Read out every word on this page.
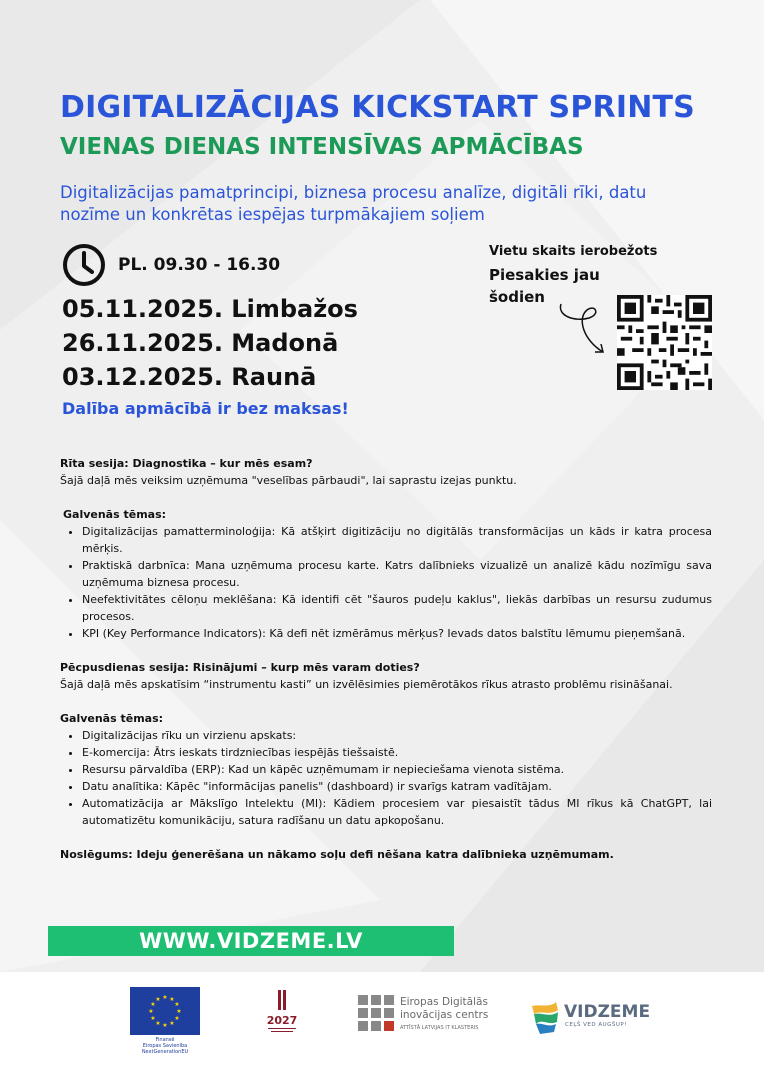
DIGITALIZĀCIJAS KICKSTART SPRINTS
VIENAS DIENAS INTENSĪVAS APMĀCĪBAS
Digitalizācijas pamatprincipi, biznesa procesu analīze, digitāli rīki, datu nozīme un konkrētas iespējas turpmākajiem soļiem
PL. 09.30 - 16.30
05.11.2025. Limbažos
26.11.2025. Madonā
03.12.2025. Raunā
Dalība apmācībā ir bez maksas!
Vietu skaits ierobežots
Piesakies jau šodien
Rīta sesija: Diagnostika – kur mēs esam?
Šajā daļā mēs veiksim uzņēmuma "veselības pārbaudi", lai saprastu izejas punktu.
Galvenās tēmas:
• Digitalizācijas pamatterminoloģija: Kā atšķirt digitizāciju no digitālās transformācijas un kāds ir katra procesa mērķis.
• Praktiskā darbnīca: Mana uzņēmuma procesu karte. Katrs dalībnieks vizualizē un analizē kādu nozīmīgu sava uzņēmuma biznesa procesu.
• Neefektivitātes cēloņu meklēšana: Kā identifi cēt "šauros pudeļu kaklus", liekās darbības un resursu zudumus procesos.
• KPI (Key Performance Indicators): Kā defi nēt izmērāmus mērķus? Ievads datos balstītu lēmumu pieņemšanā.
Pēcpusdienas sesija: Risinājumi – kurp mēs varam doties?
Šajā daļā mēs apskatīsim “instrumentu kasti” un izvēlēsimies piemērotākos rīkus atrasto problēmu risināšanai.
Galvenās tēmas:
• Digitalizācijas rīku un virzienu apskats:
• E-komercija: Ātrs ieskats tirdzniecības iespējās tiešsaistē.
• Resursu pārvaldība (ERP): Kad un kāpēc uzņēmumam ir nepieciešama vienota sistēma.
• Datu analītika: Kāpēc "informācijas panelis" (dashboard) ir svarīgs katram vadītājam.
• Automatizācija ar Mākslīgo Intelektu (MI): Kādiem procesiem var piesaistīt tādus MI rīkus kā ChatGPT, lai automatizētu komunikāciju, satura radīšanu un datu apkopošanu.
Noslēgums: Ideju ģenerēšana un nākamo soļu defi nēšana katra dalībnieka uzņēmumam.
WWW.VIDZEME.LV
★ ★
★
★
★
★
★
★
★
★
★
★
Finansē
Eiropas Savienība
NextGenerationEU
2027
Eiropas Digitālās
inovācijas centrs
ATTĪSTĀ LATVIJAS IT KLASTERIS
VIDZEME
CEĻŠ VED AUGŠUP!
